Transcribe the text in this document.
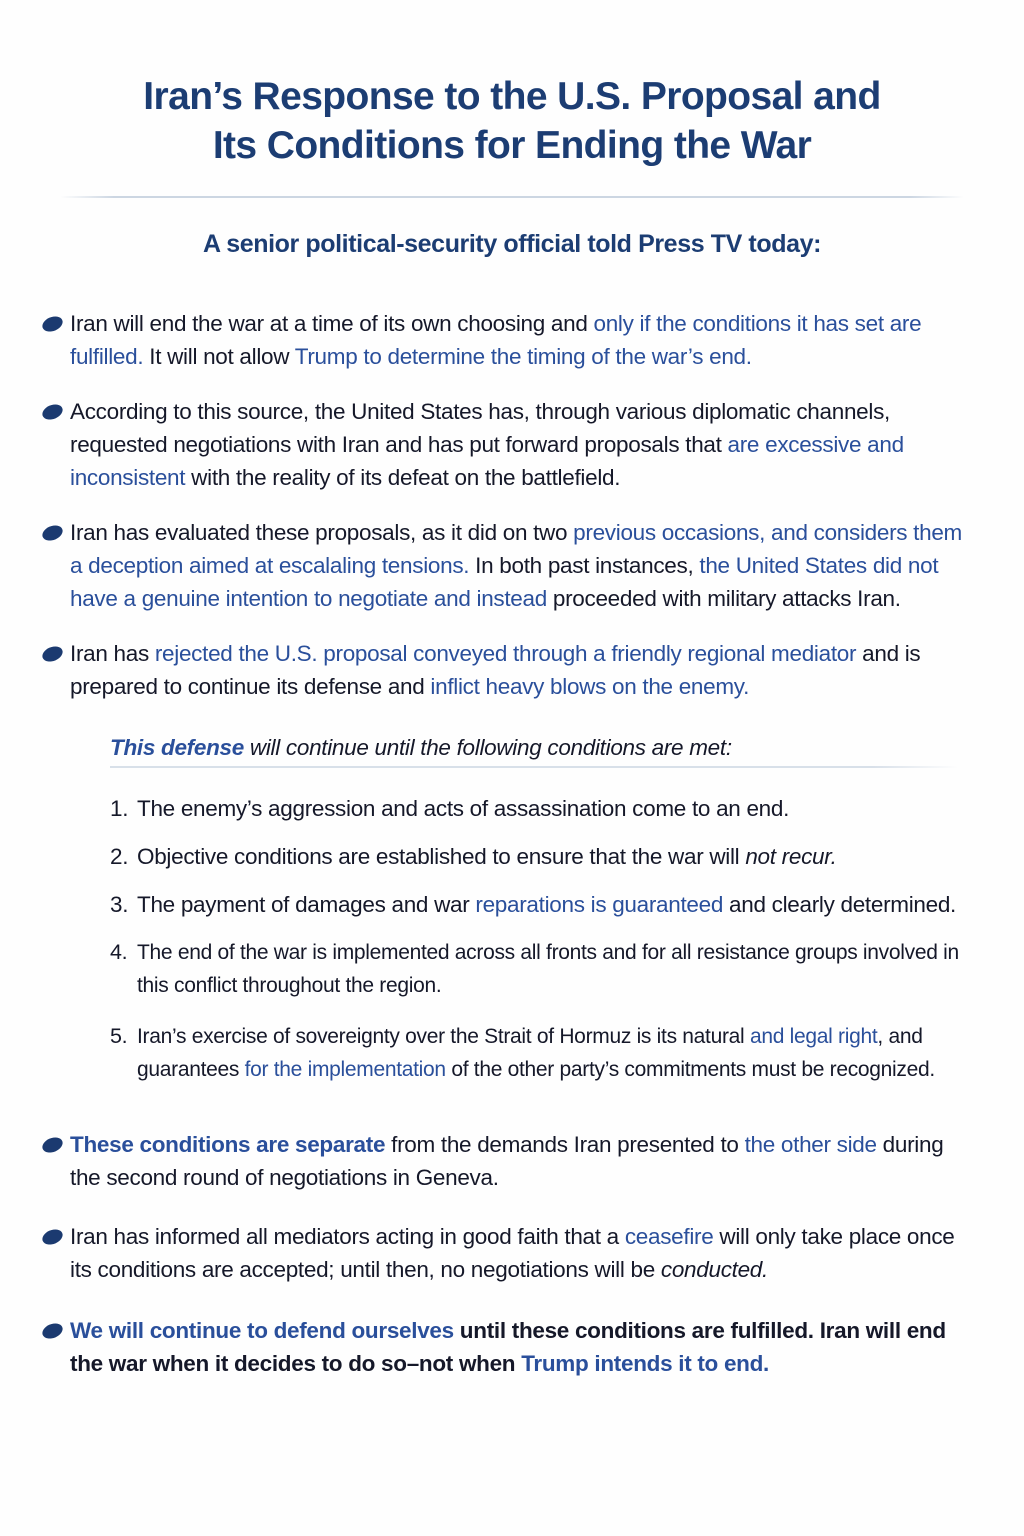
Iran’s Response to the U.S. Proposal and
Its Conditions for Ending the War
A senior political-security official told Press TV today:
Iran will end the war at a time of its own choosing and only if the conditions it has set are fulfilled. It will not allow Trump to determine the timing of the war’s end.
According to this source, the United States has, through various diplomatic channels, requested negotiations with Iran and has put forward proposals that are excessive and inconsistent with the reality of its defeat on the battlefield.
Iran has evaluated these proposals, as it did on two previous occasions, and considers them a deception aimed at escalaling tensions. In both past instances, the United States did not have a genuine intention to negotiate and instead proceeded with military attacks Iran.
Iran has rejected the U.S. proposal conveyed through a friendly regional mediator and is prepared to continue its defense and inflict heavy blows on the enemy.
This defense will continue until the following conditions are met:
1. The enemy’s aggression and acts of assassination come to an end.
2. Objective conditions are established to ensure that the war will not recur.
3. The payment of damages and war reparations is guaranteed and clearly determined.
4. The end of the war is implemented across all fronts and for all resistance groups involved in this conflict throughout the region.
5. Iran’s exercise of sovereignty over the Strait of Hormuz is its natural and legal right, and guarantees for the implementation of the other party’s commitments must be recognized.
These conditions are separate from the demands Iran presented to the other side during the second round of negotiations in Geneva.
Iran has informed all mediators acting in good faith that a ceasefire will only take place once its conditions are accepted; until then, no negotiations will be conducted.
We will continue to defend ourselves until these conditions are fulfilled. Iran will end the war when it decides to do so–not when Trump intends it to end.
